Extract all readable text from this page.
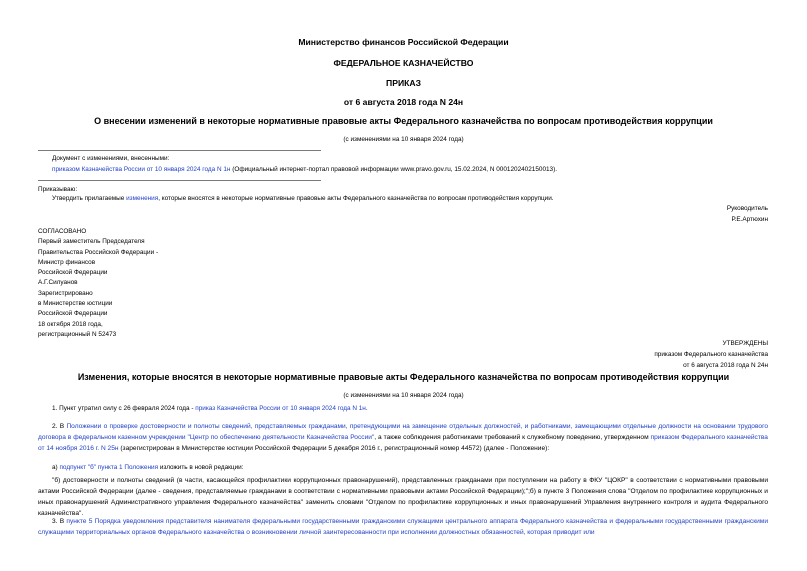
Министерство финансов Российской Федерации
ФЕДЕРАЛЬНОЕ КАЗНАЧЕЙСТВО
ПРИКАЗ
от 6 августа 2018 года N 24н
О внесении изменений в некоторые нормативные правовые акты Федерального казначейства по вопросам противодействия коррупции
(с изменениями на 10 января 2024 года)
Документ с изменениями, внесенными:
приказом Казначейства России от 10 января 2024 года N 1н (Официальный интернет-портал правовой информации www.pravo.gov.ru, 15.02.2024, N 0001202402150013).
Приказываю:
Утвердить прилагаемые изменения, которые вносятся в некоторые нормативные правовые акты Федерального казначейства по вопросам противодействия коррупции.
Руководитель
Р.Е.Артюхин
СОГЛАСОВАНО
Первый заместитель Председателя
Правительства Российской Федерации -
Министр финансов
Российской Федерации
А.Г.Силуанов
Зарегистрировано
в Министерстве юстиции
Российской Федерации
18 октября 2018 года,
регистрационный N 52473
УТВЕРЖДЕНЫ
приказом Федерального казначейства
от 6 августа 2018 года N 24н
Изменения, которые вносятся в некоторые нормативные правовые акты Федерального казначейства по вопросам противодействия коррупции
(с изменениями на 10 января 2024 года)
1. Пункт утратил силу с 26 февраля 2024 года - приказ Казначейства России от 10 января 2024 года N 1н.
2. В Положении о проверке достоверности и полноты сведений, представляемых гражданами, претендующими на замещение отдельных должностей, и работниками, замещающими отдельные должности на основании трудового договора в федеральном казенном учреждении "Центр по обеспечению деятельности Казначейства России", а также соблюдения работниками требований к служебному поведению, утвержденном приказом Федерального казначейства от 14 ноября 2016 г. N 25н (зарегистрирован в Министерстве юстиции Российской Федерации 5 декабря 2016 г., регистрационный номер 44572) (далее - Положение):
а) подпункт "б" пункта 1 Положения изложить в новой редакции:
"б) достоверности и полноты сведений (в части, касающейся профилактики коррупционных правонарушений), представленных гражданами при поступлении на работу в ФКУ "ЦОКР" в соответствии с нормативными правовыми актами Российской Федерации (далее - сведения, представляемые гражданами в соответствии с нормативными правовыми актами Российской Федерации);";б) в пункте 3 Положения слова "Отделом по профилактике коррупционных и иных правонарушений Административного управления Федерального казначейства" заменить словами "Отделом по профилактике коррупционных и иных правонарушений Управления внутреннего контроля и аудита Федерального казначейства".
3. В пункте 5 Порядка уведомления представителя нанимателя федеральными государственными гражданскими служащими центрального аппарата Федерального казначейства и федеральными государственными гражданскими служащими территориальных органов Федерального казначейства о возникновении личной заинтересованности при исполнении должностных обязанностей, которая приводит или
